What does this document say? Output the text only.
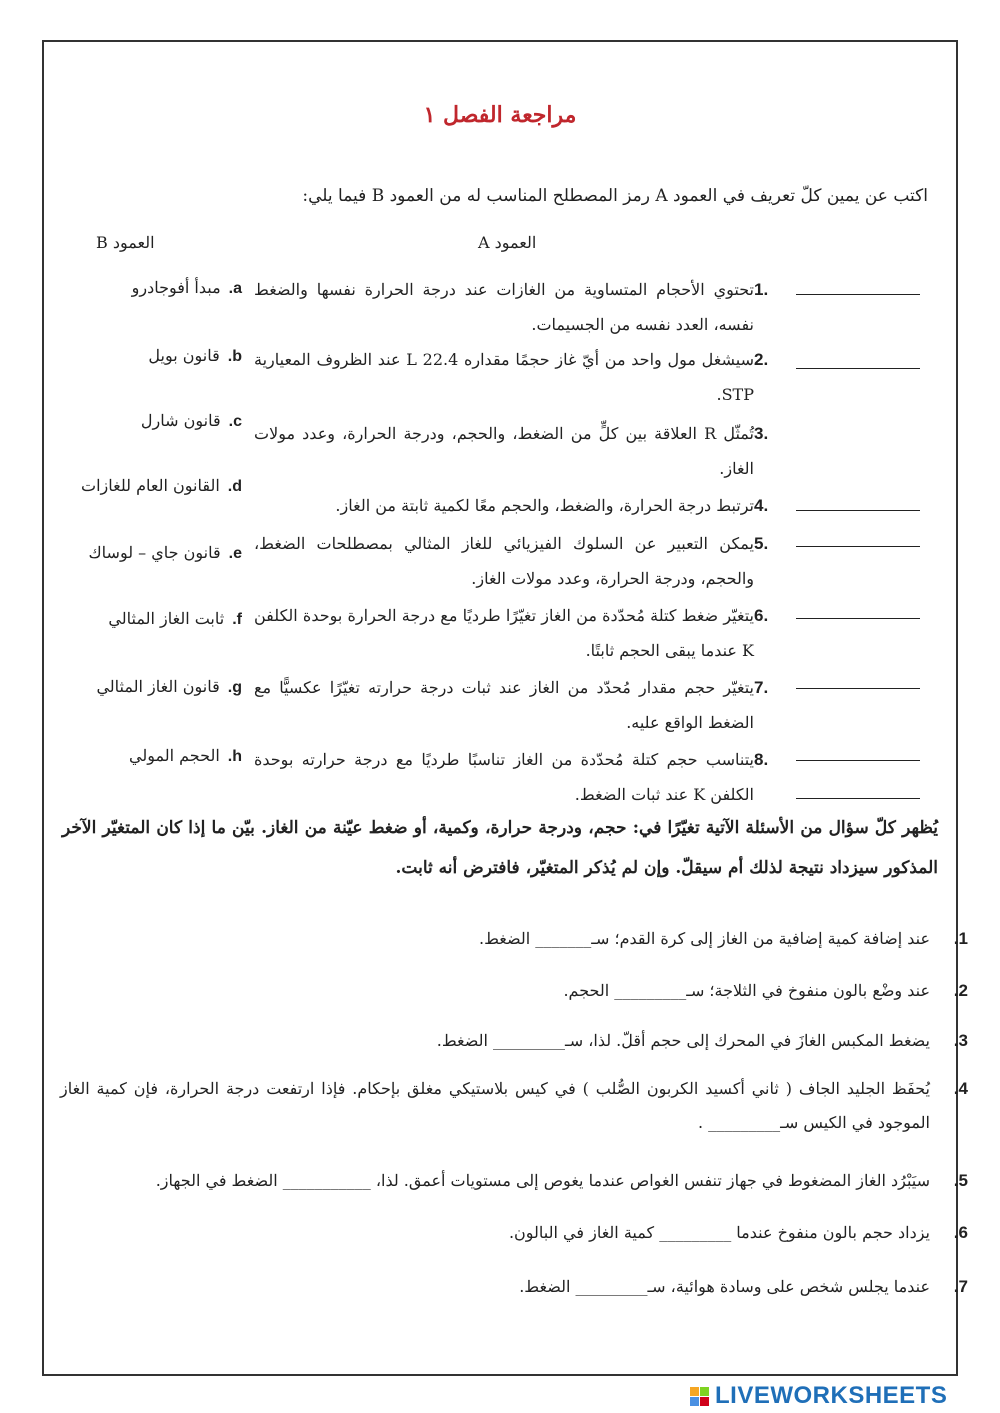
مراجعة الفصل ١
اكتب عن يمين كلّ تعريف في العمود A رمز المصطلح المناسب له من العمود B فيما يلي:
العمود A
العمود B
1.
تحتوي الأحجام المتساوية من الغازات عند درجة الحرارة نفسها والضغط نفسه، العدد نفسه من الجسيمات.
2.
سيشغل مول واحد من أيّ غاز حجمًا مقداره 22.4 L عند الظروف المعيارية STP.
3.
تُمثّل R العلاقة بين كلٍّ من الضغط، والحجم، ودرجة الحرارة، وعدد مولات الغاز.
4.
ترتبط درجة الحرارة، والضغط، والحجم معًا لكمية ثابتة من الغاز.
5.
يمكن التعبير عن السلوك الفيزيائي للغاز المثالي بمصطلحات الضغط، والحجم، ودرجة الحرارة، وعدد مولات الغاز.
6.
يتغيّر ضغط كتلة مُحدّدة من الغاز تغيّرًا طرديًا مع درجة الحرارة بوحدة الكلفن K عندما يبقى الحجم ثابتًا.
7.
يتغيّر حجم مقدار مُحدّد من الغاز عند ثبات درجة حرارته تغيّرًا عكسيًّا مع الضغط الواقع عليه.
8.
يتناسب حجم كتلة مُحدّدة من الغاز تناسبًا طرديًا مع درجة حرارته بوحدة الكلفن K عند ثبات الضغط.
a.مبدأ أفوجادرو
b.قانون بويل
c.قانون شارل
d.القانون العام للغازات
e.قانون جاي – لوساك
f.ثابت الغاز المثالي
g.قانون الغاز المثالي
h.الحجم المولي
يُظهر كلّ سؤال من الأسئلة الآتية تغيّرًا في: حجم، ودرجة حرارة، وكمية، أو ضغط عيّنة من الغاز. بيّن ما إذا كان المتغيّر الآخر المذكور سيزداد نتيجة لذلك أم سيقلّ. وإن لم يُذكر المتغيّر، فافترض أنه ثابت.
1.
عند إضافة كمية إضافية من الغاز إلى كرة القدم؛ سـ_______ الضغط.
2.
عند وضْع بالون منفوخ في الثلاجة؛ سـ_________ الحجم.
3.
يضغط المكبس الغازَ في المحرك إلى حجم أقلّ. لذا، سـ_________ الضغط.
4.
يُحفَظ الجليد الجاف ( ثاني أكسيد الكربون الصُّلب ) في كيس بلاستيكي مغلق بإحكام. فإذا ارتفعت درجة الحرارة، فإن كمية الغاز الموجود في الكيس سـ_________ .
5.
سيَبْرُد الغاز المضغوط في جهاز تنفس الغواص عندما يغوص إلى مستويات أعمق. لذا، ___________ الضغط في الجهاز.
6.
يزداد حجم بالون منفوخ عندما _________ كمية الغاز في البالون.
7.
عندما يجلس شخص على وسادة هوائية، سـ_________ الضغط.
LIVEWORKSHEETS
